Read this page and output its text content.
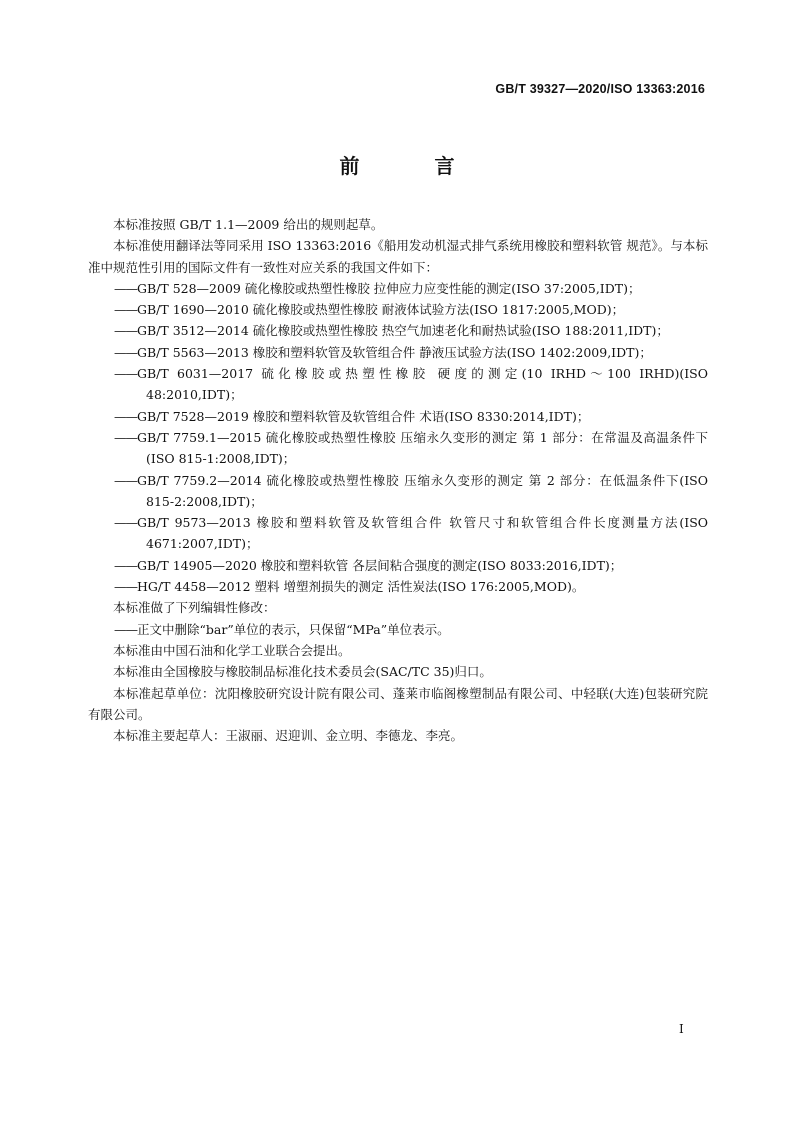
GB/T 39327—2020/ISO 13363:2016
前 言

本标准按照 GB/T 1.1—2009 给出的规则起草。

本标准使用翻译法等同采用 ISO 13363:2016《船用发动机湿式排气系统用橡胶和塑料软管 规范》。与本标准中规范性引用的国际文件有一致性对应关系的我国文件如下：

——GB/T 528—2009 硫化橡胶或热塑性橡胶 拉伸应力应变性能的测定(ISO 37:2005,IDT)；

——GB/T 1690—2010 硫化橡胶或热塑性橡胶 耐液体试验方法(ISO 1817:2005,MOD)；

——GB/T 3512—2014 硫化橡胶或热塑性橡胶 热空气加速老化和耐热试验(ISO 188:2011,IDT)；

——GB/T 5563—2013 橡胶和塑料软管及软管组合件 静液压试验方法(ISO 1402:2009,IDT)；

——GB/T 6031—2017 硫化橡胶或热塑性橡胶 硬度的测定(10 IRHD～100 IRHD)(ISO 48:2010,IDT)；

——GB/T 7528—2019 橡胶和塑料软管及软管组合件 术语(ISO 8330:2014,IDT)；

——GB/T 7759.1—2015 硫化橡胶或热塑性橡胶 压缩永久变形的测定 第 1 部分：在常温及高温条件下(ISO 815-1:2008,IDT)；

——GB/T 7759.2—2014 硫化橡胶或热塑性橡胶 压缩永久变形的测定 第 2 部分：在低温条件下(ISO 815-2:2008,IDT)；

——GB/T 9573—2013 橡胶和塑料软管及软管组合件 软管尺寸和软管组合件长度测量方法(ISO 4671:2007,IDT)；

——GB/T 14905—2020 橡胶和塑料软管 各层间粘合强度的测定(ISO 8033:2016,IDT)；

——HG/T 4458—2012 塑料 增塑剂损失的测定 活性炭法(ISO 176:2005,MOD)。

本标准做了下列编辑性修改：

——正文中删除“bar”单位的表示，只保留“MPa”单位表示。

本标准由中国石油和化学工业联合会提出。

本标准由全国橡胶与橡胶制品标准化技术委员会(SAC/TC 35)归口。

本标准起草单位：沈阳橡胶研究设计院有限公司、蓬莱市临阁橡塑制品有限公司、中轻联(大连)包装研究院有限公司。

本标准主要起草人：王淑丽、迟迎训、金立明、李德龙、李亮。

I
